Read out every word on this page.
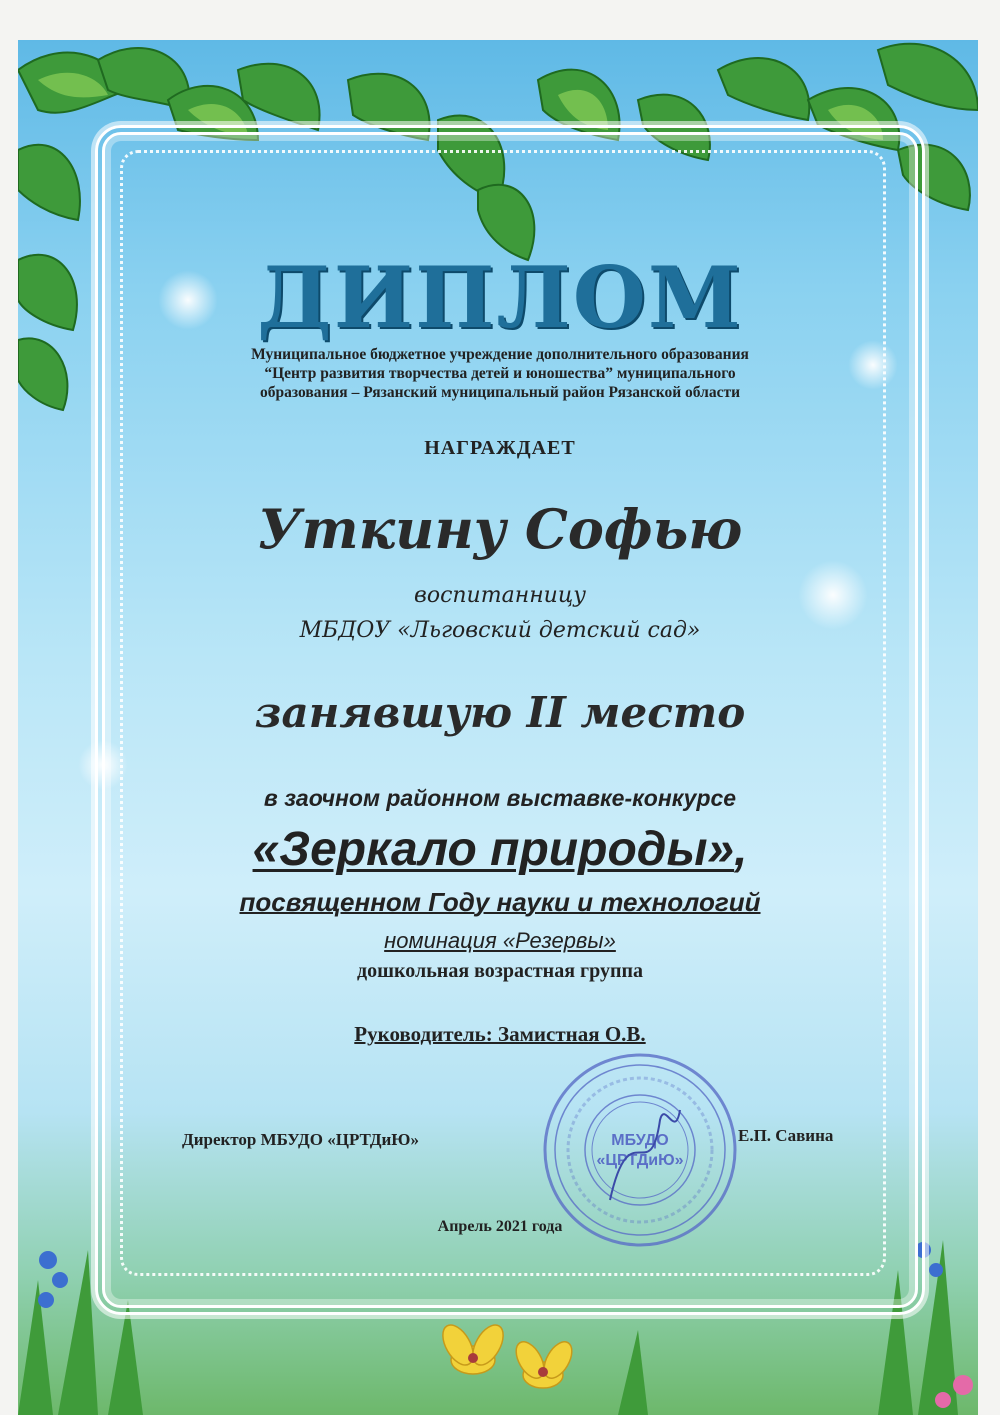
ДИПЛОМ
Муниципальное бюджетное учреждение дополнительного образования
“Центр развития творчества детей и юношества” муниципального
образования – Рязанский муниципальный район Рязанской области
НАГРАЖДАЕТ
Уткину Софью
воспитанницу
МБДОУ «Льговский детский сад»
занявшую II место
в заочном районном выставке-конкурсе
«Зеркало природы»,
посвященном Году науки и технологий
номинация «Резервы»
дошкольная возрастная группа
Руководитель: Замистная О.В.
МБУДО
«ЦРТДиЮ»
Директор МБУДО «ЦРТДиЮ»	Е.П. Савина
Апрель 2021 года
